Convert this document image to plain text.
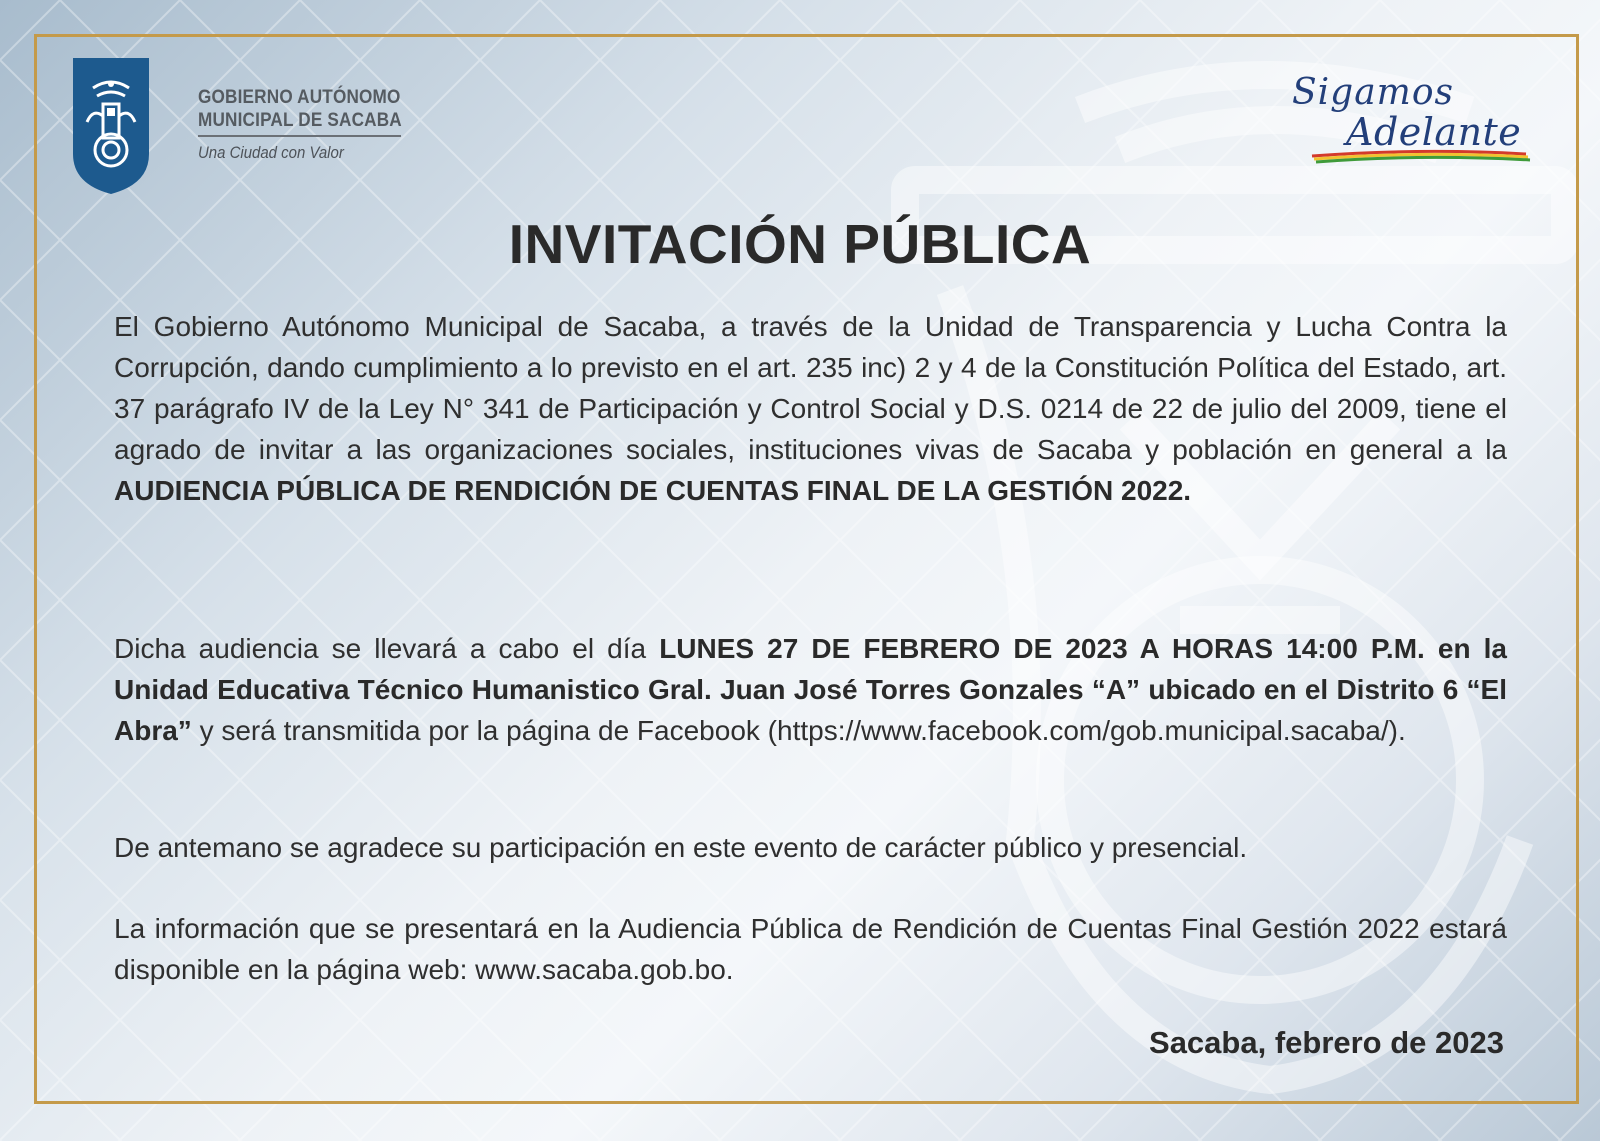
GOBIERNO AUTÓNOMO
MUNICIPAL DE SACABA
Una Ciudad con Valor
Sigamos
Adelante
INVITACIÓN PÚBLICA

El Gobierno Autónomo Municipal de Sacaba, a través de la Unidad de Transparencia y Lucha Contra la Corrupción, dando cumplimiento a lo previsto en el art. 235 inc) 2 y 4 de la Constitución Política del Estado, art. 37 parágrafo IV de la Ley N° 341 de Participación y Control Social y D.S. 0214 de 22 de julio del 2009, tiene el agrado de invitar a las organizaciones sociales, instituciones vivas de Sacaba y población en general a la AUDIENCIA PÚBLICA DE RENDICIÓN DE CUENTAS FINAL DE LA GESTIÓN 2022.

Dicha audiencia se llevará a cabo el día LUNES 27 DE FEBRERO DE 2023 A HORAS 14:00 P.M. en la Unidad Educativa Técnico Humanistico Gral. Juan José Torres Gonzales “A” ubicado en el Distrito 6 “El Abra” y será transmitida por la página de Facebook (https://www.facebook.com/gob.municipal.sacaba/).

De antemano se agradece su participación en este evento de carácter público y presencial.

La información que se presentará en la Audiencia Pública de Rendición de Cuentas Final Gestión 2022 estará disponible en la página web: www.sacaba.gob.bo.

Sacaba, febrero de 2023
